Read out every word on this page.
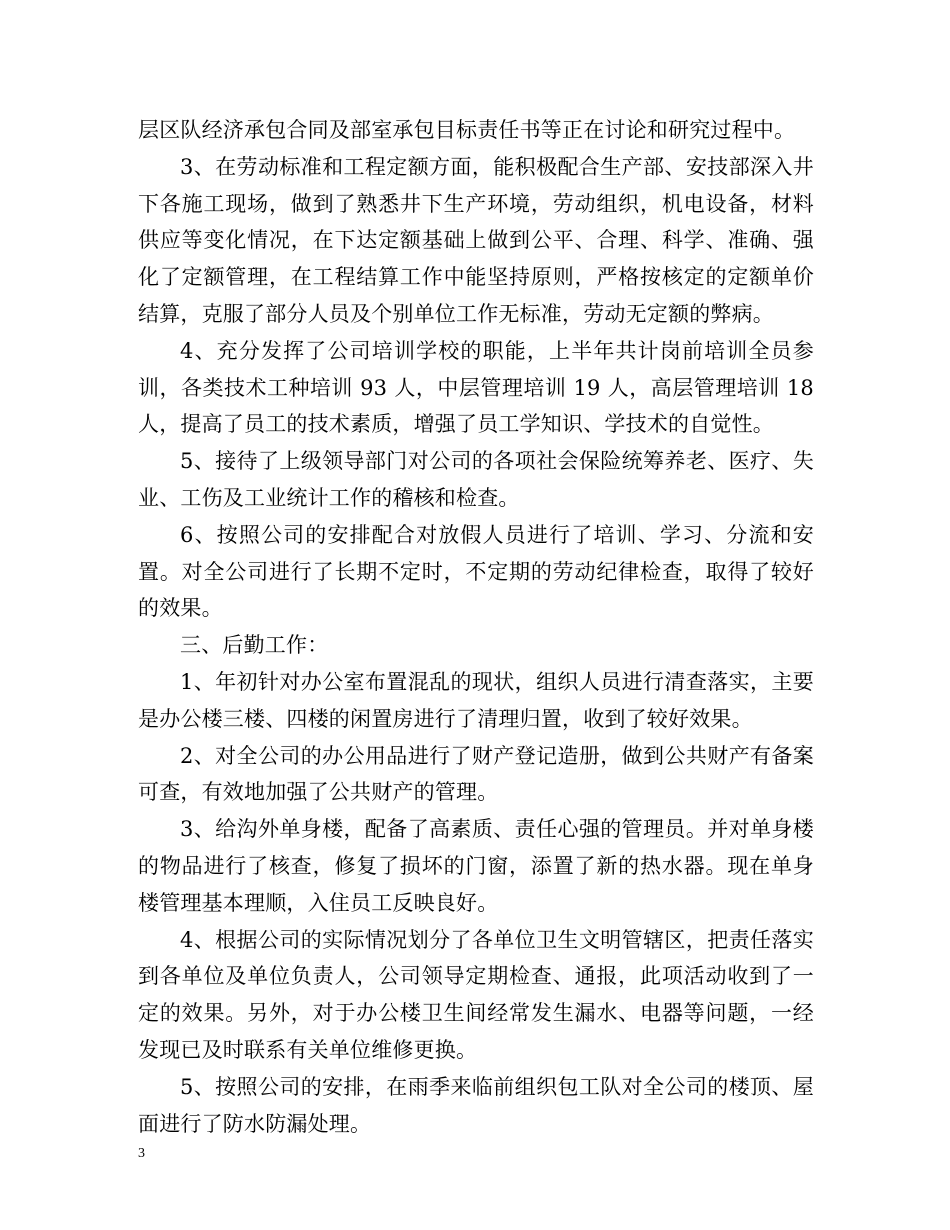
层区队经济承包合同及部室承包目标责任书等正在讨论和研究过程中。

3、在劳动标准和工程定额方面，能积极配合生产部、安技部深入井下各施工现场，做到了熟悉井下生产环境，劳动组织，机电设备，材料供应等变化情况，在下达定额基础上做到公平、合理、科学、准确、强化了定额管理，在工程结算工作中能坚持原则，严格按核定的定额单价结算，克服了部分人员及个别单位工作无标准，劳动无定额的弊病。

4、充分发挥了公司培训学校的职能，上半年共计岗前培训全员参训，各类技术工种培训 93 人，中层管理培训 19 人，高层管理培训 18 人，提高了员工的技术素质，增强了员工学知识、学技术的自觉性。

5、接待了上级领导部门对公司的各项社会保险统筹养老、医疗、失业、工伤及工业统计工作的稽核和检查。

6、按照公司的安排配合对放假人员进行了培训、学习、分流和安置。对全公司进行了长期不定时，不定期的劳动纪律检查，取得了较好的效果。

三、后勤工作：

1、年初针对办公室布置混乱的现状，组织人员进行清查落实，主要是办公楼三楼、四楼的闲置房进行了清理归置，收到了较好效果。

2、对全公司的办公用品进行了财产登记造册，做到公共财产有备案可查，有效地加强了公共财产的管理。

3、给沟外单身楼，配备了高素质、责任心强的管理员。并对单身楼的物品进行了核查，修复了损坏的门窗，添置了新的热水器。现在单身楼管理基本理顺，入住员工反映良好。

4、根据公司的实际情况划分了各单位卫生文明管辖区，把责任落实到各单位及单位负责人，公司领导定期检查、通报，此项活动收到了一定的效果。另外，对于办公楼卫生间经常发生漏水、电器等问题，一经发现已及时联系有关单位维修更换。

5、按照公司的安排，在雨季来临前组织包工队对全公司的楼顶、屋面进行了防水防漏处理。

3
